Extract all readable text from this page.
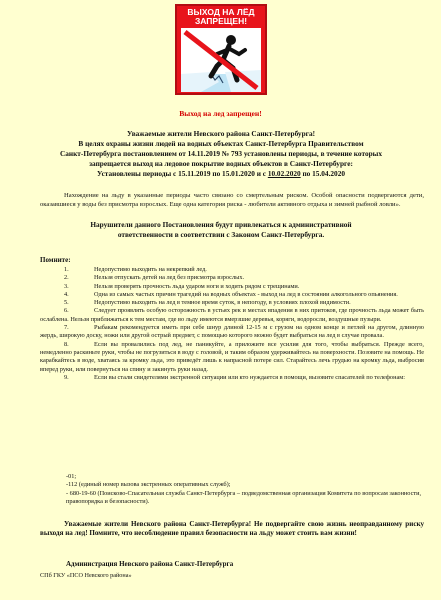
ВЫХОД НА ЛЁД ЗАПРЕЩЕН!
Выход на лед запрещен!
Уважаемые жители Невского района Санкт-Петербурга!
В целях охраны жизни людей на водных объектах Санкт-Петербурга Правительством
Санкт-Петербурга постановлением от 14.11.2019 № 793 установлены периоды, в течение которых
запрещается выход на ледовое покрытие водных объектов в Санкт-Петербурге:
Установлены периоды с 15.11.2019 по 15.01.2020 и с 10.02.2020 по 15.04.2020
Нахождение на льду в указанные периоды часто связано со смертельным риском. Особой опасности подвергаются дети, оказавшиеся у воды без присмотра взрослых. Еще одна категория риска - любители активного отдыха и зимней рыбной ловли».
Нарушители данного Постановления будут привлекаться к административной
ответственности в соответствии с Законом Санкт-Петербурга.
Помните:
1.	Недопустимо выходить на некрепкий лед.
2.	Нельзя отпускать детей на лед без присмотра взрослых.
3.	Нельзя проверять прочность льда ударом ноги и ходить рядом с трещинами.
4.	Одна из самых частых причин трагедий на водных объектах - выход на лед в состоянии алкогольного опьянения.
5.	Недопустимо выходить на лед в темное время суток, в непогоду, в условиях плохой видимости.
6.	Следует проявлять особую осторожность в устьях рек и местах впадения в них притоков, где прочность льда может быть ослаблена. Нельзя приближаться к тем местам, где во льду имеются вмерзшие деревья, коряги, водоросли, воздушные пузыри.
7.	Рыбакам рекомендуется иметь при себе шнур длиной 12-15 м с грузом на одном конце и петлей на другом, длинную жердь, широкую доску, ножи или другой острый предмет, с помощью которого можно будет выбраться на лед в случае провала.
8.	Если вы провалились под лед, не паникуйте, а приложите все усилия для того, чтобы выбраться. Прежде всего, немедленно раскиньте руки, чтобы не погрузиться в воду с головой, и таким образом удерживайтесь на поверхности. Позовите на помощь. Не карабкайтесь в воде, хватаясь за кромку льда, это приведёт лишь к напрасной потере сил. Старайтесь лечь грудью на кромку льда, выбросив вперед руки, или повернуться на спину и закинуть руки назад.
9.	Если вы стали свидетелями экстренной ситуации или кто нуждается в помощи, вызовите спасателей по телефонам:
-01;
-112 (единый номер вызова экстренных оперативных служб);
- 680-19-60 (Поисково-Спасательная служба Санкт-Петербурга – подведомственная организация Комитета по вопросам законности, правопорядка и безопасности).
Уважаемые жители Невского района Санкт-Петербурга! Не подвергайте свою жизнь неоправданному риску выходя на лед! Помните, что несоблюдение правил безопасности на льду может стоить вам жизни!
Администрация Невского района Санкт-Петербурга
СПб ГКУ «ПСО Невского района»
